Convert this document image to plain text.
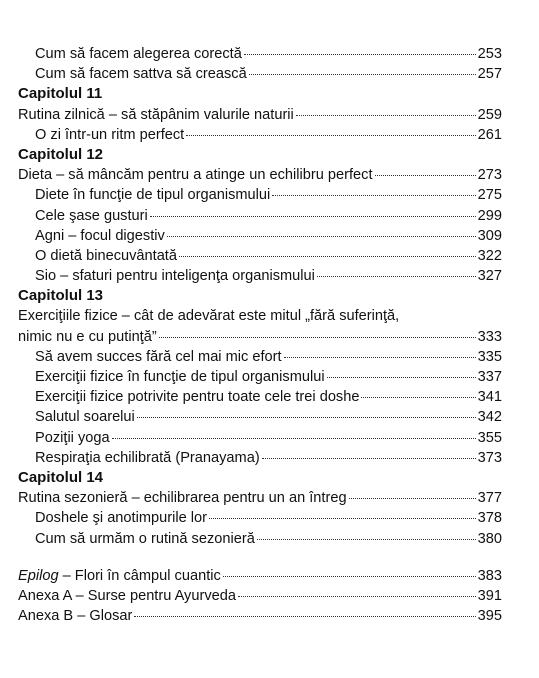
Cum să facem alegerea corectă	253
Cum să facem sattva să crească	257
Capitolul 11
Rutina zilnică – să stăpânim valurile naturii	259
O zi într-un ritm perfect	261
Capitolul 12
Dieta – să mâncăm pentru a atinge un echilibru perfect	273
Diete în funcţie de tipul organismului	275
Cele şase gusturi	299
Agni – focul digestiv	309
O dietă binecuvântată	322
Sio – sfaturi pentru inteligenţa organismului	327
Capitolul 13
Exerciţiile fizice – cât de adevărat este mitul „fără suferinţă,
nimic nu e cu putinţă”	333
Să avem succes fără cel mai mic efort	335
Exerciţii fizice în funcţie de tipul organismului	337
Exerciţii fizice potrivite pentru toate cele trei doshe	341
Salutul soarelui	342
Poziţii yoga	355
Respiraţia echilibrată (Pranayama)	373
Capitolul 14
Rutina sezonieră – echilibrarea pentru un an întreg	377
Doshele şi anotimpurile lor	378
Cum să urmăm o rutină sezonieră	380
Epilog – Flori în câmpul cuantic	383
Anexa A – Surse pentru Ayurveda	391
Anexa B – Glosar	395
